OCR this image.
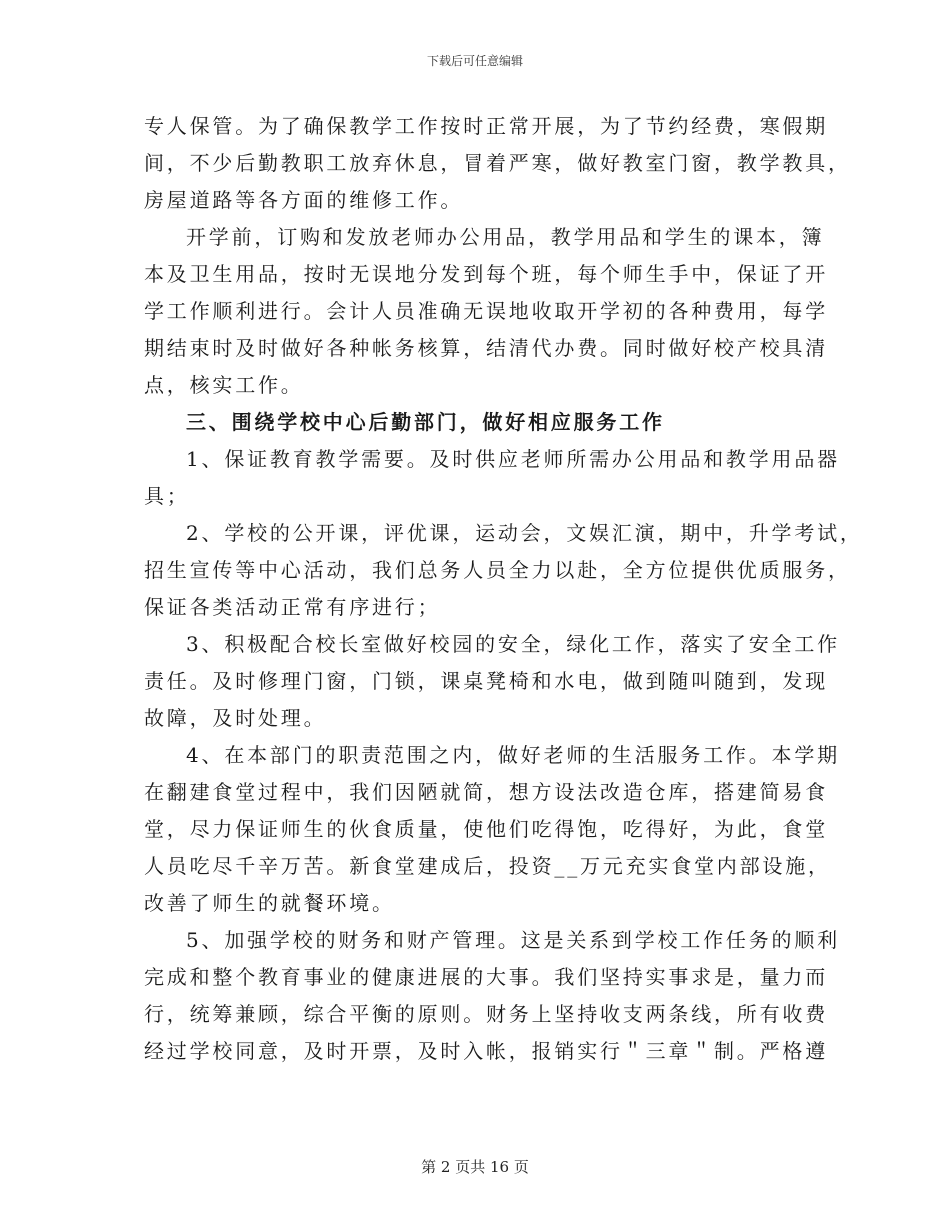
下载后可任意编辑

专人保管。为了确保教学工作按时正常开展，为了节约经费，寒假期

间，不少后勤教职工放弃休息，冒着严寒，做好教室门窗，教学教具，

房屋道路等各方面的维修工作。

开学前，订购和发放老师办公用品，教学用品和学生的课本，簿

本及卫生用品，按时无误地分发到每个班，每个师生手中，保证了开

学工作顺利进行。会计人员准确无误地收取开学初的各种费用，每学

期结束时及时做好各种帐务核算，结清代办费。同时做好校产校具清

点，核实工作。

三、围绕学校中心后勤部门，做好相应服务工作

1、保证教育教学需要。及时供应老师所需办公用品和教学用品器

具；

2、学校的公开课，评优课，运动会，文娱汇演，期中，升学考试，

招生宣传等中心活动，我们总务人员全力以赴，全方位提供优质服务，

保证各类活动正常有序进行；

3、积极配合校长室做好校园的安全，绿化工作，落实了安全工作

责任。及时修理门窗，门锁，课桌凳椅和水电，做到随叫随到，发现

故障，及时处理。

4、在本部门的职责范围之内，做好老师的生活服务工作。本学期

在翻建食堂过程中，我们因陋就简，想方设法改造仓库，搭建简易食

堂，尽力保证师生的伙食质量，使他们吃得饱，吃得好，为此，食堂

人员吃尽千辛万苦。新食堂建成后，投资__万元充实食堂内部设施，

改善了师生的就餐环境。

5、加强学校的财务和财产管理。这是关系到学校工作任务的顺利

完成和整个教育事业的健康进展的大事。我们坚持实事求是，量力而

行，统筹兼顾，综合平衡的原则。财务上坚持收支两条线，所有收费

经过学校同意，及时开票，及时入帐，报销实行＂三章＂制。严格遵

第 2 页共 16 页
